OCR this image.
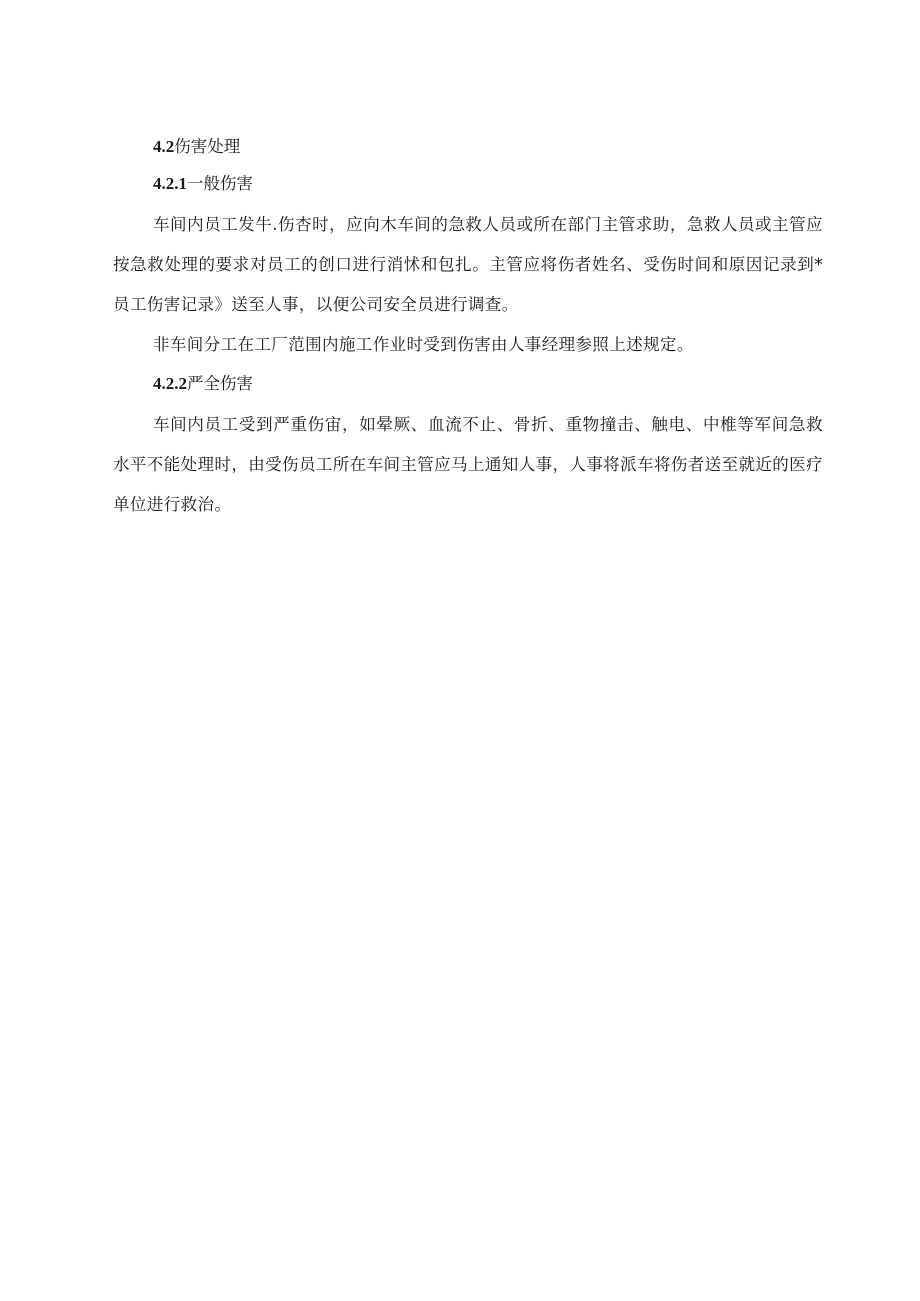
4.2伤害处理

4.2.1一般伤害

车间内员工发牛.伤杏时，应向木车间的急救人员或所在部门主管求助，急救人员或主管应按急救处理的要求对员工的创口进行消怵和包扎。主管应将伤者姓名、受伤时间和原因记录到*员工伤害记录》送至人事，以便公司安全员进行调查。

非车间分工在工厂范围内施工作业时受到伤害由人事经理参照上述规定。

4.2.2严全伤害

车间内员工受到严重伤宙，如晕厥、血流不止、骨折、重物撞击、触电、中椎等军间急救水平不能处理时，由受伤员工所在车间主管应马上通知人事，人事将派车将伤者送至就近的医疗单位进行救治。
